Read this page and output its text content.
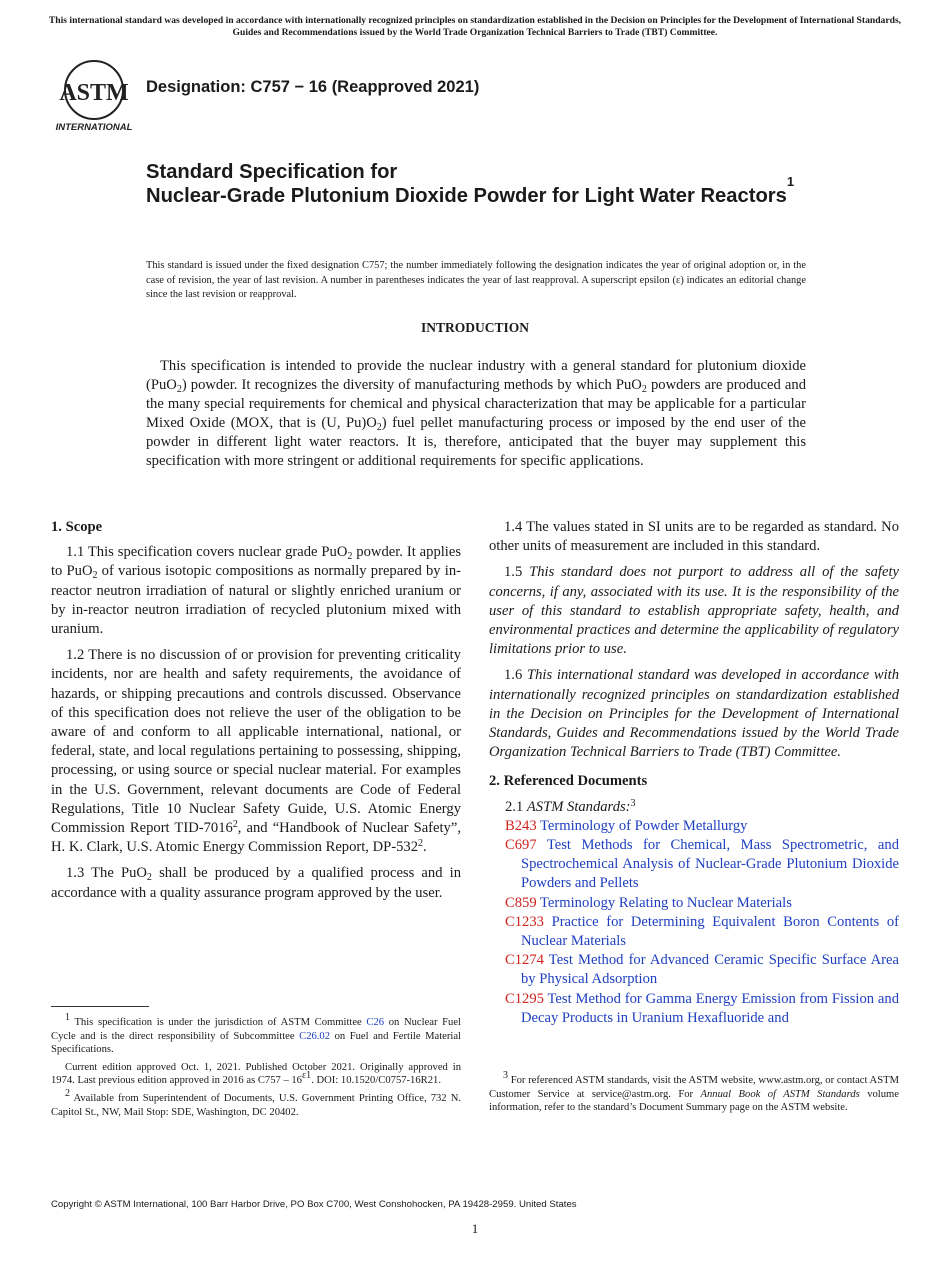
This international standard was developed in accordance with internationally recognized principles on standardization established in the Decision on Principles for the Development of International Standards, Guides and Recommendations issued by the World Trade Organization Technical Barriers to Trade (TBT) Committee.
ASTM
INTERNATIONAL
Designation: C757 − 16 (Reapproved 2021)
Standard Specification for
Nuclear-Grade Plutonium Dioxide Powder for Light Water Reactors$^1$
This standard is issued under the fixed designation C757; the number immediately following the designation indicates the year of original adoption or, in the case of revision, the year of last revision. A number in parentheses indicates the year of last reapproval. A superscript epsilon (ε) indicates an editorial change since the last revision or reapproval.
INTRODUCTION

This specification is intended to provide the nuclear industry with a general standard for plutonium dioxide (PuO$_2$) powder. It recognizes the diversity of manufacturing methods by which PuO$_2$ powders are produced and the many special requirements for chemical and physical characterization that may be applicable for a particular Mixed Oxide (MOX, that is (U, $Pu)O_2$) fuel pellet manufacturing process or imposed by the end user of the powder in different light water reactors. It is, therefore, anticipated that the buyer may supplement this specification with more stringent or additional requirements for specific applications.

1. Scope

1.1 This specification covers nuclear grade PuO$_2$ powder. It applies to PuO$_2$ of various isotopic compositions as normally prepared by in-reactor neutron irradiation of natural or slightly enriched uranium or by in-reactor neutron irradiation of recycled plutonium mixed with uranium.

1.2 There is no discussion of or provision for preventing criticality incidents, nor are health and safety requirements, the avoidance of hazards, or shipping precautions and controls discussed. Observance of this specification does not relieve the user of the obligation to be aware of and conform to all applicable international, national, or federal, state, and local regulations pertaining to possessing, shipping, processing, or using source or special nuclear material. For examples in the U.S. Government, relevant documents are Code of Federal Regulations, Title 10 Nuclear Safety Guide, U.S. Atomic Energy Commission Report TID-7016$^2$, and “Handbook of Nuclear Safety”, H. K. Clark, U.S. Atomic Energy Commission Report, $DP-532^2$.

1.3 The PuO$_2$ shall be produced by a qualified process and in accordance with a quality assurance program approved by the user.

1.4 The values stated in SI units are to be regarded as standard. No other units of measurement are included in this standard.

1.5 This standard does not purport to address all of the safety concerns, if any, associated with its use. It is the responsibility of the user of this standard to establish appropriate safety, health, and environmental practices and determine the applicability of regulatory limitations prior to use.

1.6 This international standard was developed in accordance with internationally recognized principles on standardization established in the Decision on Principles for the Development of International Standards, Guides and Recommendations issued by the World Trade Organization Technical Barriers to Trade (TBT) Committee.

2. Referenced Documents
2.1 ASTM Standards:$^3$
B243 Terminology of Powder Metallurgy
C697 Test Methods for Chemical, Mass Spectrometric, and Spectrochemical Analysis of Nuclear-Grade Plutonium Dioxide Powders and Pellets
C859 Terminology Relating to Nuclear Materials
C1233 Practice for Determining Equivalent Boron Contents of Nuclear Materials
C1274 Test Method for Advanced Ceramic Specific Surface Area by Physical Adsorption
C1295 Test Method for Gamma Energy Emission from Fission and Decay Products in Uranium Hexafluoride and

$^1$ This specification is under the jurisdiction of ASTM Committee C26 on Nuclear Fuel Cycle and is the direct responsibility of Subcommittee C26.02 on Fuel and Fertile Material Specifications.

Current edition approved Oct. 1, 2021. Published October 2021. Originally approved in 1974. Last previous edition approved in 2016 as $C757 - 16^{\varepsilon 1}$. DOI: 10.1520/C0757-16R21.

$^2$ Available from Superintendent of Documents, U.S. Government Printing Office, 732 N. Capitol St., NW, Mail Stop: SDE, Washington, DC 20402.

$^3$ For referenced ASTM standards, visit the ASTM website, www.astm.org, or contact ASTM Customer Service at service@astm.org. For Annual Book of ASTM Standards volume information, refer to the standard’s Document Summary page on the ASTM website.

Copyright © ASTM International, 100 Barr Harbor Drive, PO Box C700, West Conshohocken, PA 19428-2959. United States
1
